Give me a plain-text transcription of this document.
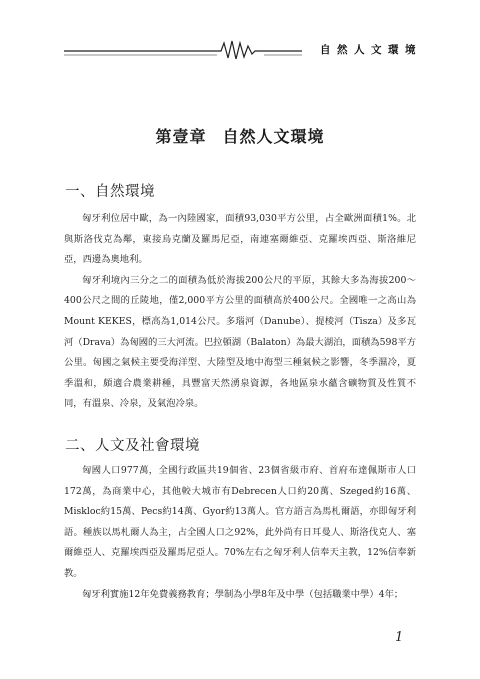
自然人文環境
第壹章 自然人文環境
一、自然環境

匈牙利位居中歐，為一內陸國家，面積93,030平方公里，占全歐洲面積1%。北與斯洛伐克為鄰，東接烏克蘭及羅馬尼亞，南連塞爾維亞、克羅埃西亞、斯洛維尼亞，西邊為奧地利。

匈牙利境內三分之二的面積為低於海拔200公尺的平原，其餘大多為海拔200～400公尺之間的丘陵地，僅2,000平方公里的面積高於400公尺。全國唯一之高山為Mount KEKES，標高為1,014公尺。多瑙河（Danube）、提棱河（Tisza）及多瓦河（Drava）為匈國的三大河流。巴拉頓湖（Balaton）為最大湖泊，面積為598平方公里。匈國之氣候主要受海洋型、大陸型及地中海型三種氣候之影響，冬季濕冷，夏季溫和，頗適合農業耕種，具豐富天然湧泉資源，各地區泉水蘊含礦物質及性質不同，有溫泉、冷泉，及氣泡冷泉。

二、人文及社會環境

匈國人口977萬，全國行政區共19個省、23個省級市府、首府布達佩斯市人口172萬，為商業中心，其他較大城市有Debrecen人口約20萬、Szeged約16萬、Miskloc約15萬、Pecs約14萬、Gyor約13萬人。官方語言為馬札爾語，亦即匈牙利語。種族以馬札爾人為主，占全國人口之92%，此外尚有日耳曼人、斯洛伐克人、塞爾維亞人、克羅埃西亞及羅馬尼亞人。70%左右之匈牙利人信奉天主教，12%信奉新教。

匈牙利實施12年免費義務教育；學制為小學8年及中學（包括職業中學）4年；

1
